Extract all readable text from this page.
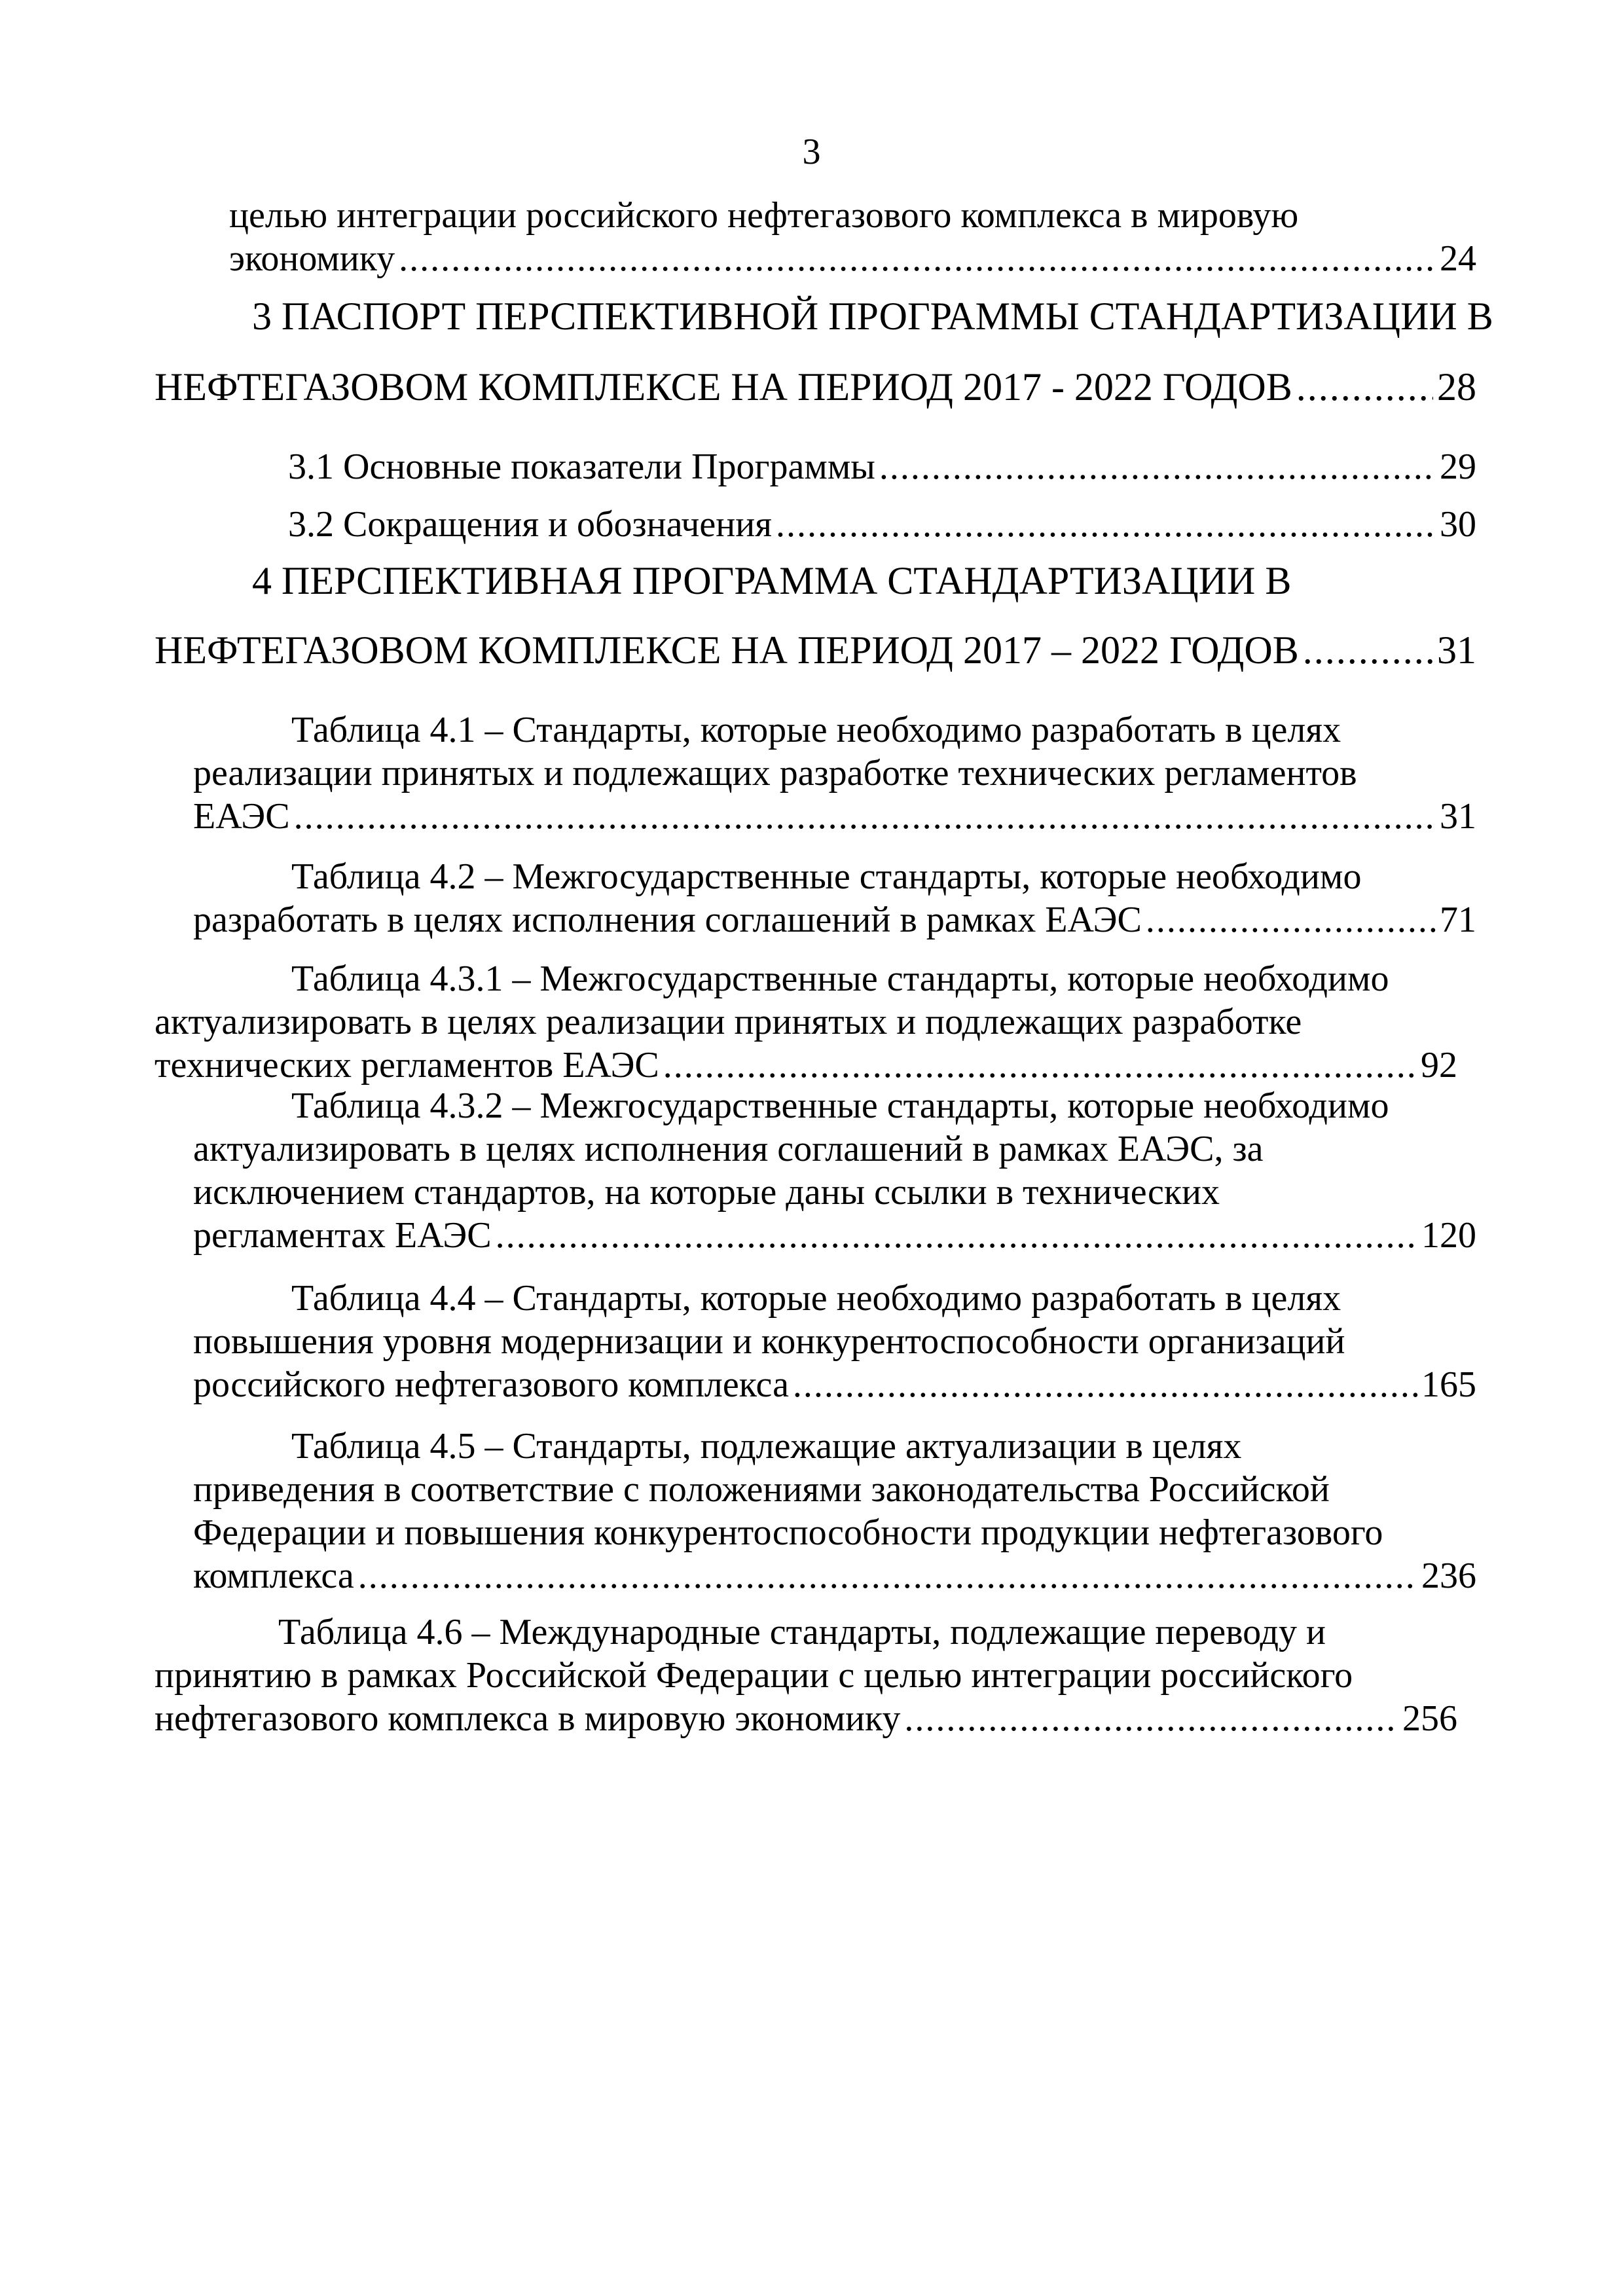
3
целью интеграции российского нефтегазового комплекса в мировую
экономику .....	24
3 ПАСПОРТ ПЕРСПЕКТИВНОЙ ПРОГРАММЫ СТАНДАРТИЗАЦИИ В
НЕФТЕГАЗОВОМ КОМПЛЕКСЕ НА ПЕРИОД 2017 - 2022 ГОДОВ .....	28
3.1 Основные показатели Программы .....	29
3.2 Сокращения и обозначения .....	30
4 ПЕРСПЕКТИВНАЯ ПРОГРАММА СТАНДАРТИЗАЦИИ В
НЕФТЕГАЗОВОМ КОМПЛЕКСЕ НА ПЕРИОД 2017 – 2022 ГОДОВ .....	31
Таблица 4.1 – Стандарты, которые необходимо разработать в целях
реализации принятых и подлежащих разработке технических регламентов
ЕАЭС .....	31
Таблица 4.2 – Межгосударственные стандарты, которые необходимо
разработать в целях исполнения соглашений в рамках ЕАЭС .....	71
Таблица 4.3.1 – Межгосударственные стандарты, которые необходимо
актуализировать в целях реализации принятых и подлежащих разработке
технических регламентов ЕАЭС .....	92
Таблица 4.3.2 – Межгосударственные стандарты, которые необходимо
актуализировать в целях исполнения соглашений в рамках ЕАЭС, за
исключением стандартов, на которые даны ссылки в технических
регламентах ЕАЭС .....	120
Таблица 4.4 – Стандарты, которые необходимо разработать в целях
повышения уровня модернизации и конкурентоспособности организаций
российского нефтегазового комплекса .....	165
Таблица 4.5 – Стандарты, подлежащие актуализации в целях
приведения в соответствие с положениями законодательства Российской
Федерации и повышения конкурентоспособности продукции нефтегазового
комплекса .....	236
Таблица 4.6 – Международные стандарты, подлежащие переводу и
принятию в рамках Российской Федерации с целью интеграции российского
нефтегазового комплекса в мировую экономику .....	256
